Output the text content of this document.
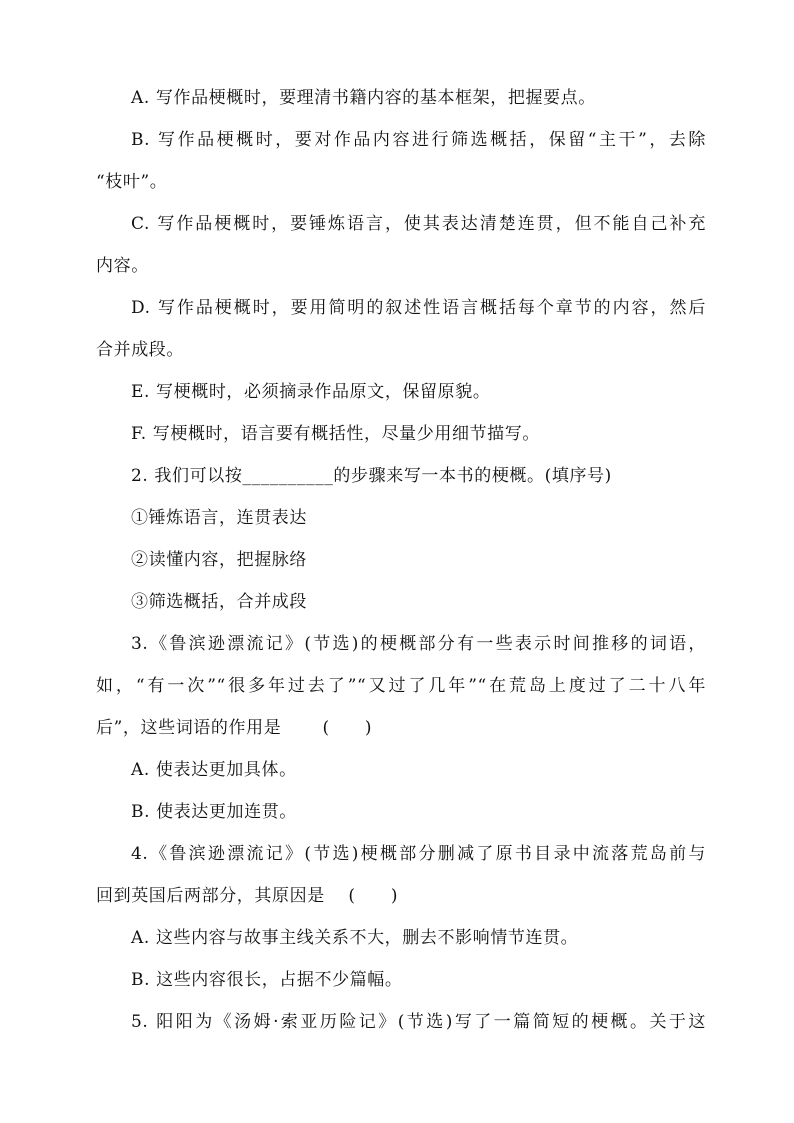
A. 写作品梗概时，要理清书籍内容的基本框架，把握要点。
B. 写作品梗概时，要对作品内容进行筛选概括，保留“主干”，去除
“枝叶”。
C. 写作品梗概时，要锤炼语言，使其表达清楚连贯，但不能自己补充
内容。
D. 写作品梗概时，要用简明的叙述性语言概括每个章节的内容，然后
合并成段。
E. 写梗概时，必须摘录作品原文，保留原貌。
F. 写梗概时，语言要有概括性，尽量少用细节描写。
2. 我们可以按__________的步骤来写一本书的梗概。(填序号)
①锤炼语言，连贯表达
②读懂内容，把握脉络
③筛选概括，合并成段
3.《鲁滨逊漂流记》(节选)的梗概部分有一些表示时间推移的词语，
如，“有一次”“很多年过去了”“又过了几年”“在荒岛上度过了二十八年
后”，这些词语的作用是　　 (　　)
A. 使表达更加具体。
B. 使表达更加连贯。
4.《鲁滨逊漂流记》(节选)梗概部分删减了原书目录中流落荒岛前与
回到英国后两部分，其原因是　 (　　)
A. 这些内容与故事主线关系不大，删去不影响情节连贯。
B. 这些内容很长，占据不少篇幅。
5. 阳阳为《汤姆·索亚历险记》(节选)写了一篇简短的梗概。关于这
